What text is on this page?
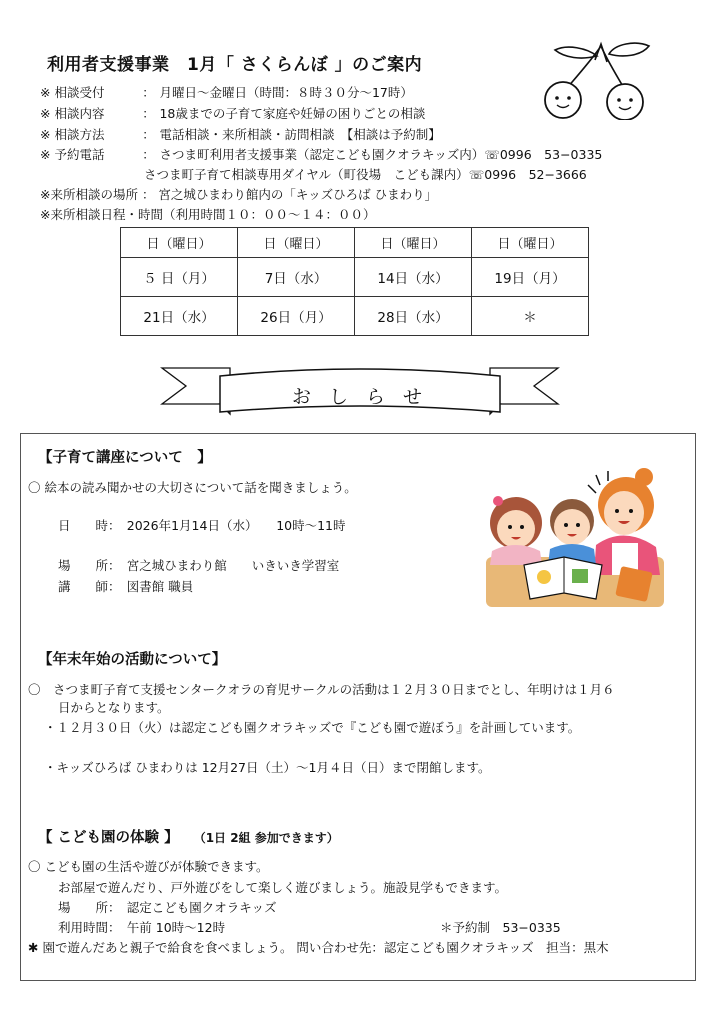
利用者支援事業　1月「 さくらんぼ 」のご案内
※ 相談受付	： 月曜日〜金曜日（時間：８時３０分〜17時）
※ 相談内容	： 18歳までの子育て家庭や妊婦の困りごとの相談
※ 相談方法	： 電話相談・来所相談・訪問相談　【相談は予約制】
※ 予約電話	： さつま町利用者支援事業（認定こども園クオラキッズ内）☏0996　53−0335
さつま町子育て相談専用ダイヤル（町役場　こども課内）☏0996　52−3666
※来所相談の場所 ： 宮之城ひまわり館内の「キッズひろば ひまわり」
※来所相談日程・時間（利用時間１０：００〜１４：００）
日（曜日）	日（曜日）	日（曜日）	日（曜日）
５ 日（月）	7日（水）	14日（水）	19日（月）
21日（水）	26日（月）	28日（水）	＊
お し ら せ
【子育て講座について　】
〇 絵本の読み聞かせの大切さについて話を聞きましょう。
日　　時：　 2026年1月14日（水）　　10時〜11時
場　　所：　 宮之城ひまわり館　　いきいき学習室
講　　師：　 図書館 職員
【年末年始の活動について】
〇　さつま町子育て支援センタークオラの育児サークルの活動は１２月３０日までとし、年明けは１月６
日からとなります。
・１２月３０日（火）は認定こども園クオラキッズで『こども園で遊ぼう』を計画しています。
・キッズひろば ひまわりは 12月27日（土）〜1月４日（日）まで閉館します。
【 こども園の体験 】 （1日 2組 参加できます）
〇 こども園の生活や遊びが体験できます。
お部屋で遊んだり、戸外遊びをして楽しく遊びましょう。施設見学もできます。
場　　所：　 認定こども園クオラキッズ
利用時間：　 午前 10時〜12時	＊予約制　53−0335
✱ 園で遊んだあと親子で給食を食べましょう。 問い合わせ先：認定こども園クオラキッズ　担当：黒木
